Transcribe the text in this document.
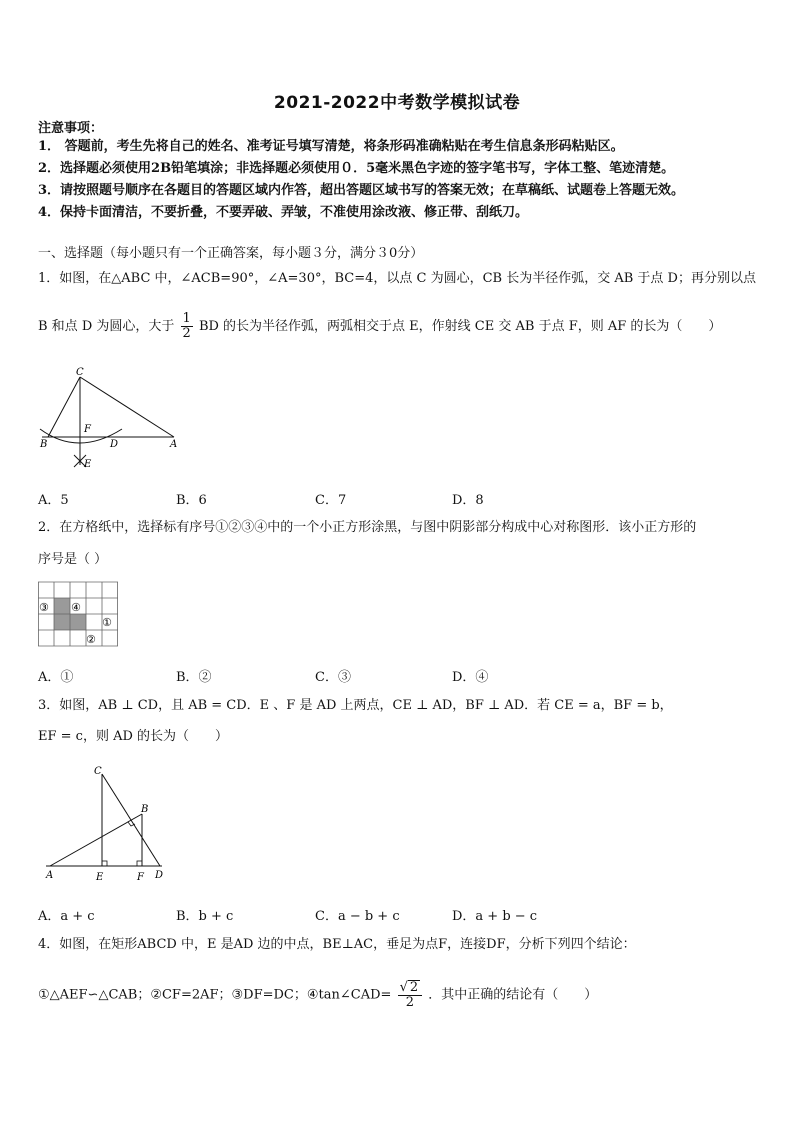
2021-2022中考数学模拟试卷
注意事项：
1． 答题前，考生先将自己的姓名、准考证号填写清楚，将条形码准确粘贴在考生信息条形码粘贴区。
2．选择题必须使用2B铅笔填涂；非选择题必须使用０．5毫米黑色字迹的签字笔书写，字体工整、笔迹清楚。
3．请按照题号顺序在各题目的答题区域内作答，超出答题区域书写的答案无效；在草稿纸、试题卷上答题无效。
4．保持卡面清洁，不要折叠，不要弄破、弄皱，不准使用涂改液、修正带、刮纸刀。
一、选择题（每小题只有一个正确答案，每小题３分，满分３0分）
1．如图，在△ABC 中，∠ACB=90°，∠A=30°，BC=4，以点 C 为圆心，CB 长为半径作弧，交 AB 于点 D；再分别以点
B 和点 D 为圆心，大于 $\frac{1}{2}$ BD 的长为半径作弧，两弧相交于点 E，作射线 CE 交 AB 于点 F，则 AF 的长为（　　）
C
B
F
D	A
E
A．5	B．6	C．7	D．8
2．在方格纸中，选择标有序号①②③④中的一个小正方形涂黑，与图中阴影部分构成中心对称图形．该小正方形的
序号是（ ）
③ ④
①
②
A．①	B．②	C．③	D．④
3．如图，AB ⊥ CD，且 AB = CD．E 、F 是 AD 上两点，CE ⊥ AD，BF ⊥ AD．若 CE = a，BF = b，
EF = c，则 AD 的长为（　　）
C
B
A	E	F D
A．a + c	B．b + c	C．a − b + c	D．a + b − c
4．如图，在矩形ABCD 中，E 是AD 边的中点，BE⊥AC，垂足为点F，连接DF，分析下列四个结论：
①△AEF∽△CAB；②CF=2AF；③DF=DC；④tan∠CAD= $\frac{√ 2}{2}$ ．其中正确的结论有（　　）
